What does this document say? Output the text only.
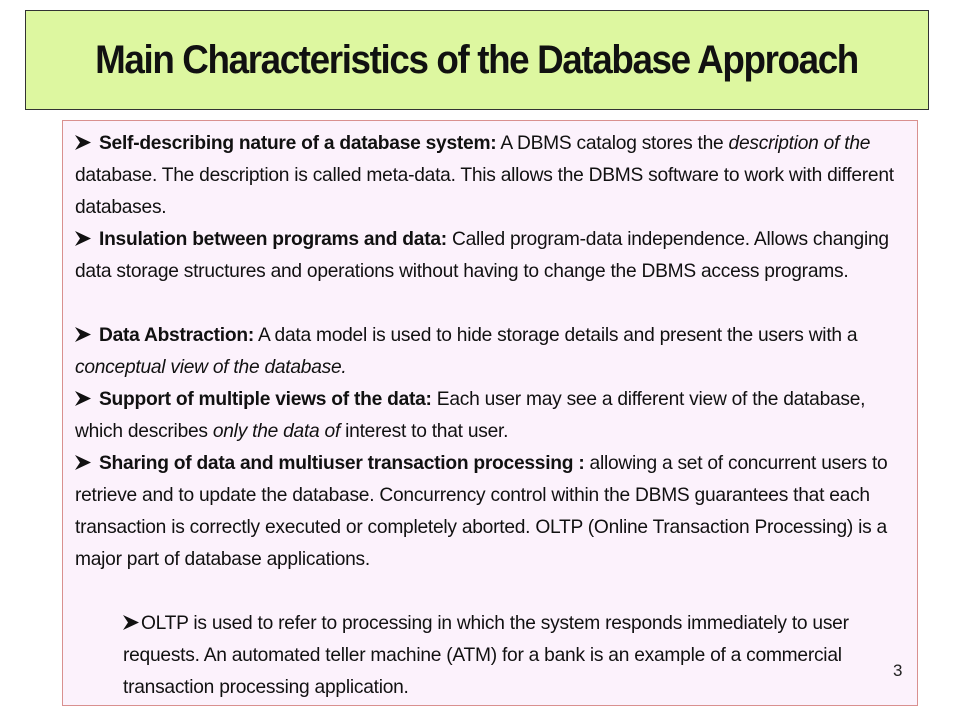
Main Characteristics of the Database Approach
Self-describing nature of a database system: A DBMS catalog stores the description of the database. The description is called meta-data. This allows the DBMS software to work with different databases.
Insulation between programs and data: Called program-data independence. Allows changing data storage structures and operations without having to change the DBMS access programs.
Data Abstraction: A data model is used to hide storage details and present the users with a conceptual view of the database.
Support of multiple views of the data: Each user may see a different view of the database, which describes only the data of interest to that user.
Sharing of data and multiuser transaction processing : allowing a set of concurrent users to retrieve and to update the database. Concurrency control within the DBMS guarantees that each transaction is correctly executed or completely aborted. OLTP (Online Transaction Processing) is a major part of database applications.
OLTP is used to refer to processing in which the system responds immediately to user requests. An automated teller machine (ATM) for a bank is an example of a commercial transaction processing application.
3
